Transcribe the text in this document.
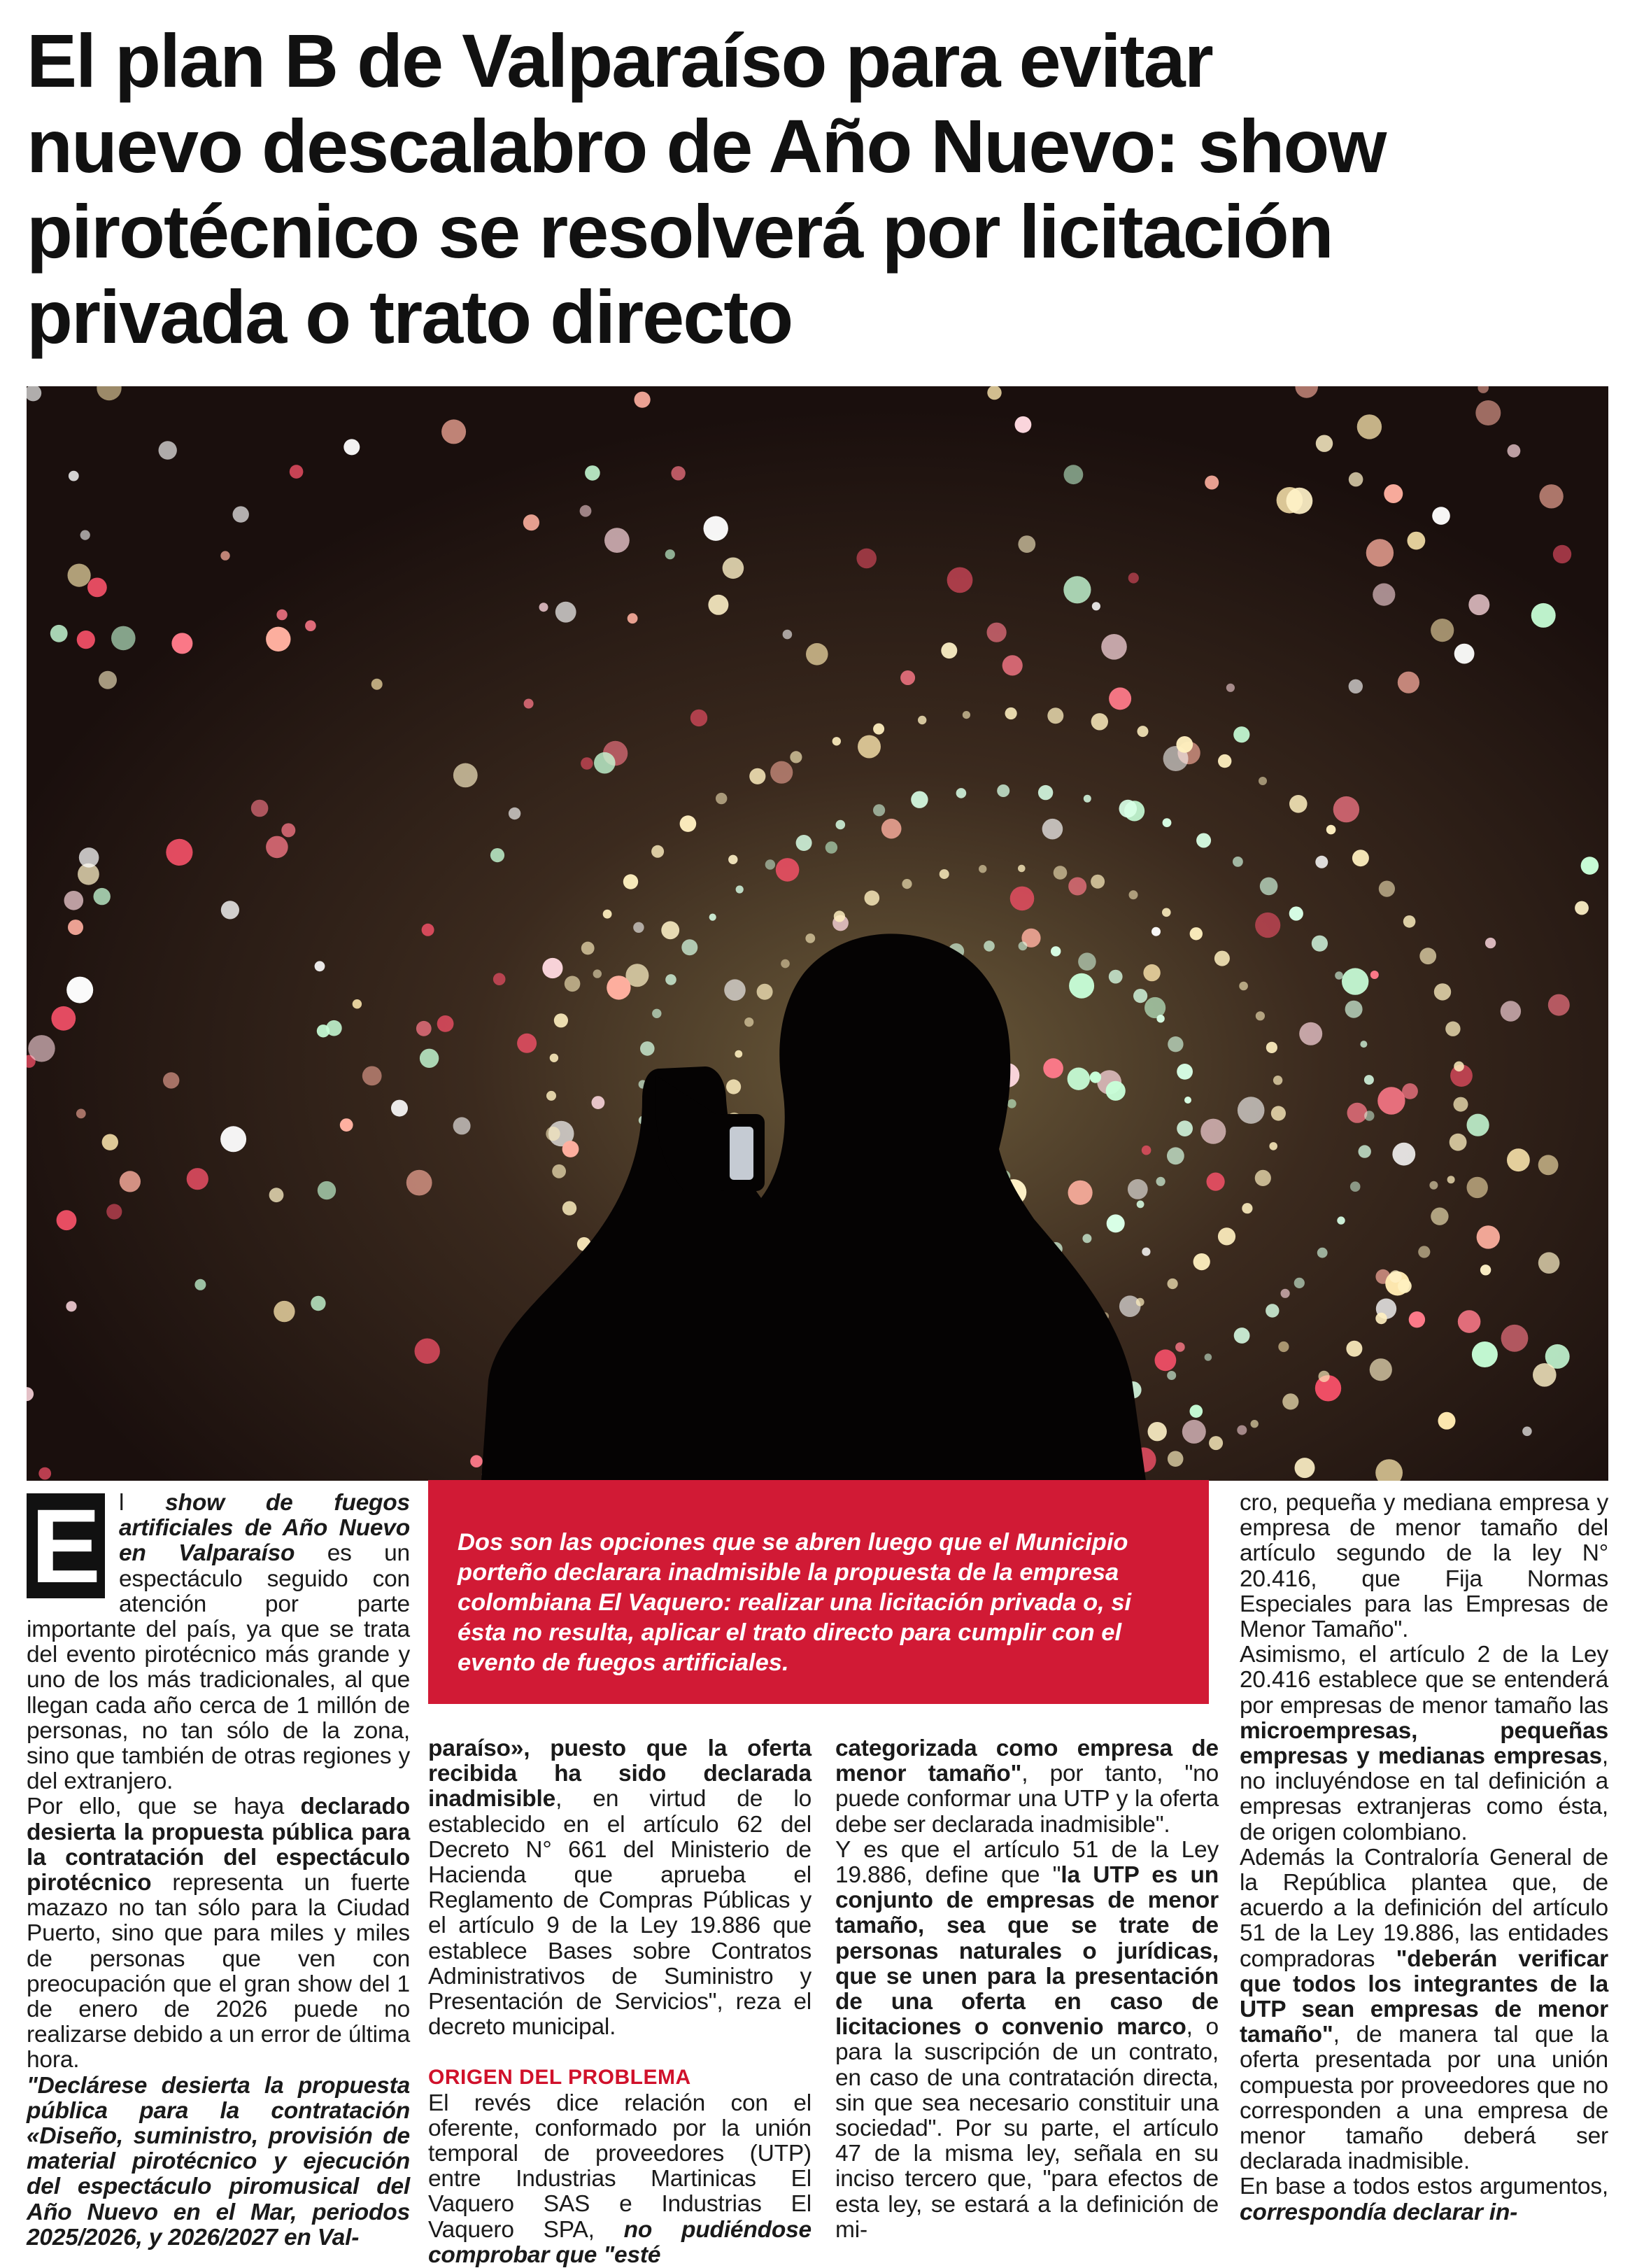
El plan B de Valparaíso para evitar
nuevo descalabro de Año Nuevo: show
pirotécnico se resolverá por licitación
privada o trato directo

Dos son las opciones que se abren luego que el Municipio porteño declarara inadmisible la propuesta de la empresa colombiana El Vaquero: realizar una licitación privada o, si ésta no resulta, aplicar el trato directo para cumplir con el evento de fuegos artificiales.

E l show de fuegos artificiales de Año Nuevo en Valparaíso es un espectáculo seguido con atención por parte importante del país, ya que se trata del evento pirotécnico más grande y uno de los más tradicionales, al que llegan cada año cerca de 1 millón de personas, no tan sólo de la zona, sino que también de otras regiones y del extranjero.

Por ello, que se haya declarado desierta la propuesta pública para la contratación del espectáculo pirotécnico representa un fuerte mazazo no tan sólo para la Ciudad Puerto, sino que para miles y miles de personas que ven con preocupación que el gran show del 1 de enero de 2026 puede no realizarse debido a un error de última hora.

"Declárese desierta la propuesta pública para la contratación «Diseño, suministro, provisión de material pirotécnico y ejecución del espectáculo piromusical del Año Nuevo en el Mar, periodos 2025/2026, y 2026/2027 en Val-

paraíso», puesto que la oferta recibida ha sido declarada inadmisible, en virtud de lo establecido en el artículo 62 del Decreto N° 661 del Ministerio de Hacienda que aprueba el Reglamento de Compras Públicas y el artículo 9 de la Ley 19.886 que establece Bases sobre Contratos Administrativos de Suministro y Presentación de Servicios", reza el decreto municipal.

ORIGEN DEL PROBLEMA

El revés dice relación con el oferente, conformado por la unión temporal de proveedores (UTP) entre Industrias Martinicas El Vaquero SAS e Industrias El Vaquero SPA, no pudiéndose comprobar que "esté

categorizada como empresa de menor tamaño", por tanto, "no puede conformar una UTP y la oferta debe ser declarada inadmisible".

Y es que el artículo 51 de la Ley 19.886, define que "la UTP es un conjunto de empresas de menor tamaño, sea que se trate de personas naturales o jurídicas, que se unen para la presentación de una oferta en caso de licitaciones o convenio marco, o para la suscripción de un contrato, en caso de una contratación directa, sin que sea necesario constituir una sociedad". Por su parte, el artículo 47 de la misma ley, señala en su inciso tercero que, "para efectos de esta ley, se estará a la definición de mi-

cro, pequeña y mediana empresa y empresa de menor tamaño del artículo segundo de la ley N° 20.416, que Fija Normas Especiales para las Empresas de Menor Tamaño".

Asimismo, el artículo 2 de la Ley 20.416 establece que se entenderá por empresas de menor tamaño las microempresas, pequeñas empresas y medianas empresas, no incluyéndose en tal definición a empresas extranjeras como ésta, de origen colombiano.

Además la Contraloría General de la República plantea que, de acuerdo a la definición del artículo 51 de la Ley 19.886, las entidades compradoras "deberán verificar que todos los integrantes de la UTP sean empresas de menor tamaño", de manera tal que la oferta presentada por una unión compuesta por proveedores que no corresponden a una empresa de menor tamaño deberá ser declarada inadmisible.

En base a todos estos argumentos, correspondía declarar in-
